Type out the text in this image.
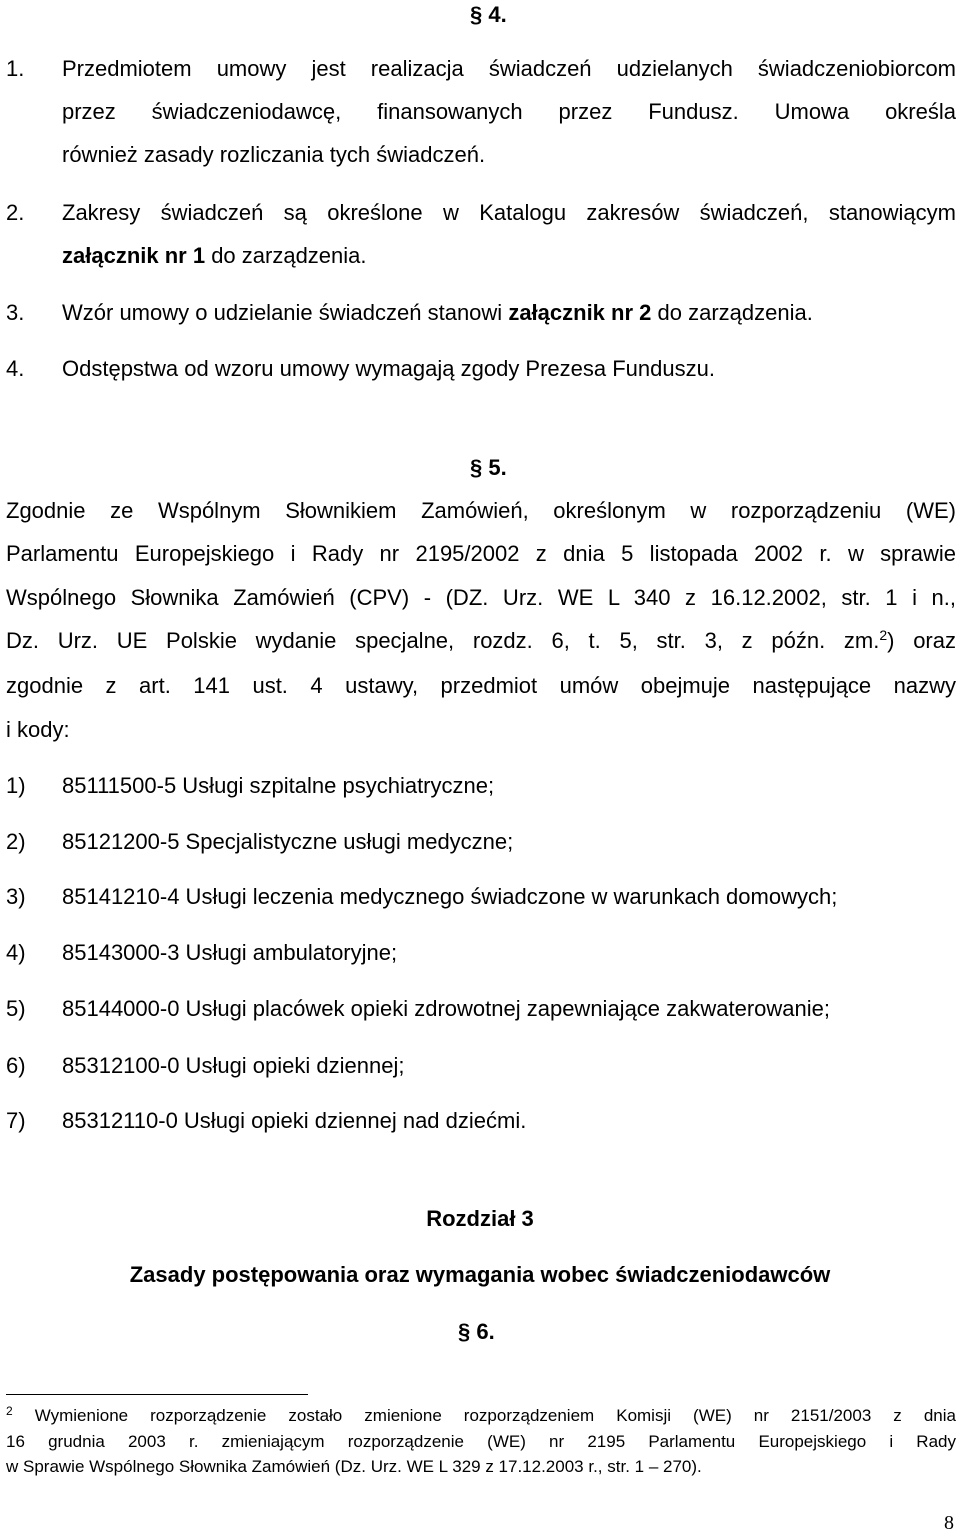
§ 4.
1. Przedmiotem umowy jest realizacja świadczeń udzielanych świadczeniobiorcom
przez świadczeniodawcę, finansowanych przez Fundusz. Umowa określa
również zasady rozliczania tych świadczeń.
2. Zakresy świadczeń są określone w Katalogu zakresów świadczeń, stanowiącym
załącznik nr 1 do zarządzenia.
3. Wzór umowy o udzielanie świadczeń stanowi załącznik nr 2 do zarządzenia.
4. Odstępstwa od wzoru umowy wymagają zgody Prezesa Funduszu.
§ 5.
Zgodnie ze Wspólnym Słownikiem Zamówień, określonym w rozporządzeniu (WE)
Parlamentu Europejskiego i Rady nr 2195/2002 z dnia 5 listopada 2002 r. w sprawie
Wspólnego Słownika Zamówień (CPV) - (DZ. Urz. WE L 340 z 16.12.2002, str. 1 i n.,
Dz. Urz. UE Polskie wydanie specjalne, rozdz. 6, t. 5, str. 3, z późn. zm.$^2$) oraz
zgodnie z art. 141 ust. 4 ustawy, przedmiot umów obejmuje następujące nazwy
i kody:
1) 85111500-5 Usługi szpitalne psychiatryczne;
2) 85121200-5 Specjalistyczne usługi medyczne;
3) 85141210-4 Usługi leczenia medycznego świadczone w warunkach domowych;
4) 85143000-3 Usługi ambulatoryjne;
5) 85144000-0 Usługi placówek opieki zdrowotnej zapewniające zakwaterowanie;
6) 85312100-0 Usługi opieki dziennej;
7) 85312110-0 Usługi opieki dziennej nad dziećmi.
Rozdział 3
Zasady postępowania oraz wymagania wobec świadczeniodawców
§ 6.
$^2$ Wymienione rozporządzenie zostało zmienione rozporządzeniem Komisji (WE) nr 2151/2003 z dnia
16 grudnia 2003 r. zmieniającym rozporządzenie (WE) nr 2195 Parlamentu Europejskiego i Rady
w Sprawie Wspólnego Słownika Zamówień (Dz. Urz. WE L 329 z 17.12.2003 r., str. 1 – 270).
8
